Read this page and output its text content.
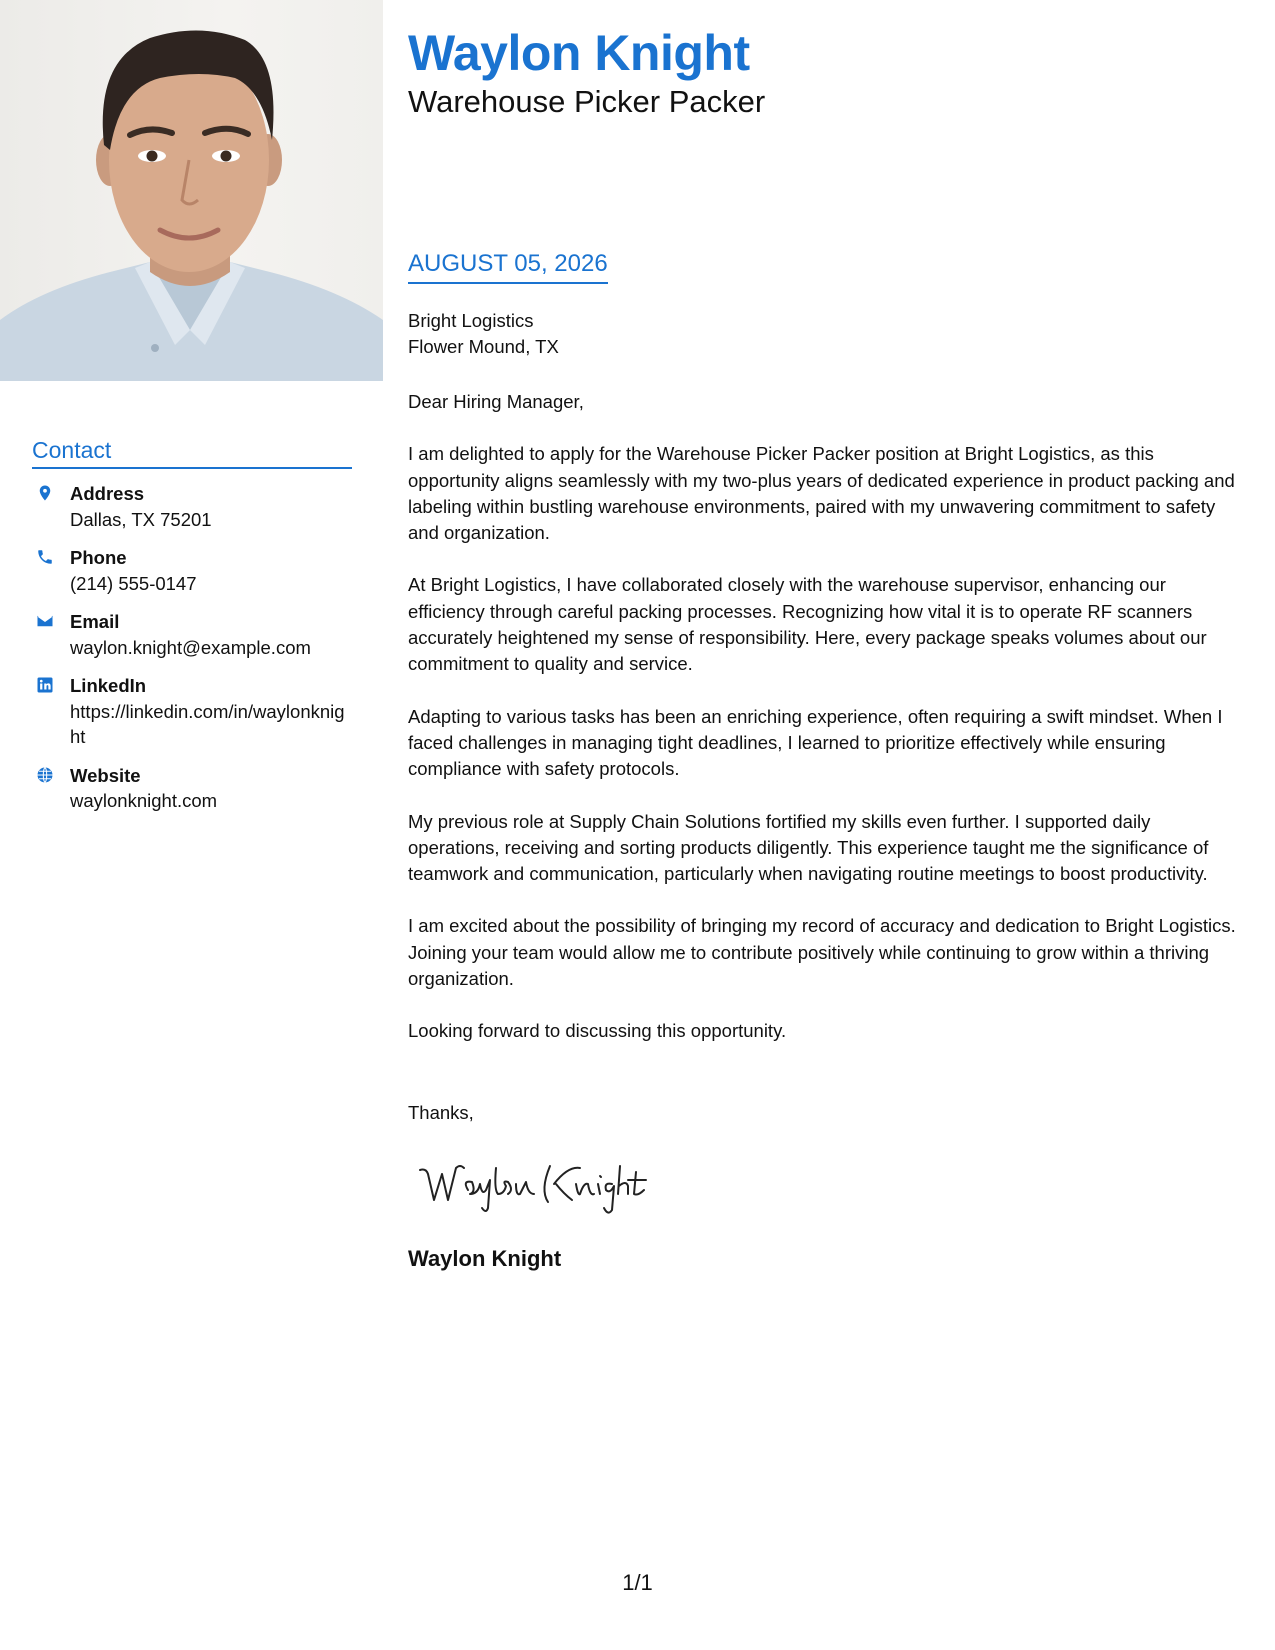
Contact
Address
Dallas, TX 75201
Phone
(214) 555-0147
Email
waylon.knight@example.com
LinkedIn
https://linkedin.com/in/waylonknight
Website
waylonknight.com
Waylon Knight
Warehouse Picker Packer
AUGUST 05, 2026
Bright Logistics
Flower Mound, TX

Dear Hiring Manager,

I am delighted to apply for the Warehouse Picker Packer position at Bright Logistics, as this opportunity aligns seamlessly with my two-plus years of dedicated experience in product packing and labeling within bustling warehouse environments, paired with my unwavering commitment to safety and organization.

At Bright Logistics, I have collaborated closely with the warehouse supervisor, enhancing our efficiency through careful packing processes. Recognizing how vital it is to operate RF scanners accurately heightened my sense of responsibility. Here, every package speaks volumes about our commitment to quality and service.

Adapting to various tasks has been an enriching experience, often requiring a swift mindset. When I faced challenges in managing tight deadlines, I learned to prioritize effectively while ensuring compliance with safety protocols.

My previous role at Supply Chain Solutions fortified my skills even further. I supported daily operations, receiving and sorting products diligently. This experience taught me the significance of teamwork and communication, particularly when navigating routine meetings to boost productivity.

I am excited about the possibility of bringing my record of accuracy and dedication to Bright Logistics. Joining your team would allow me to contribute positively while continuing to grow within a thriving organization.

Looking forward to discussing this opportunity.

Thanks,
Waylon Knight
1/1
